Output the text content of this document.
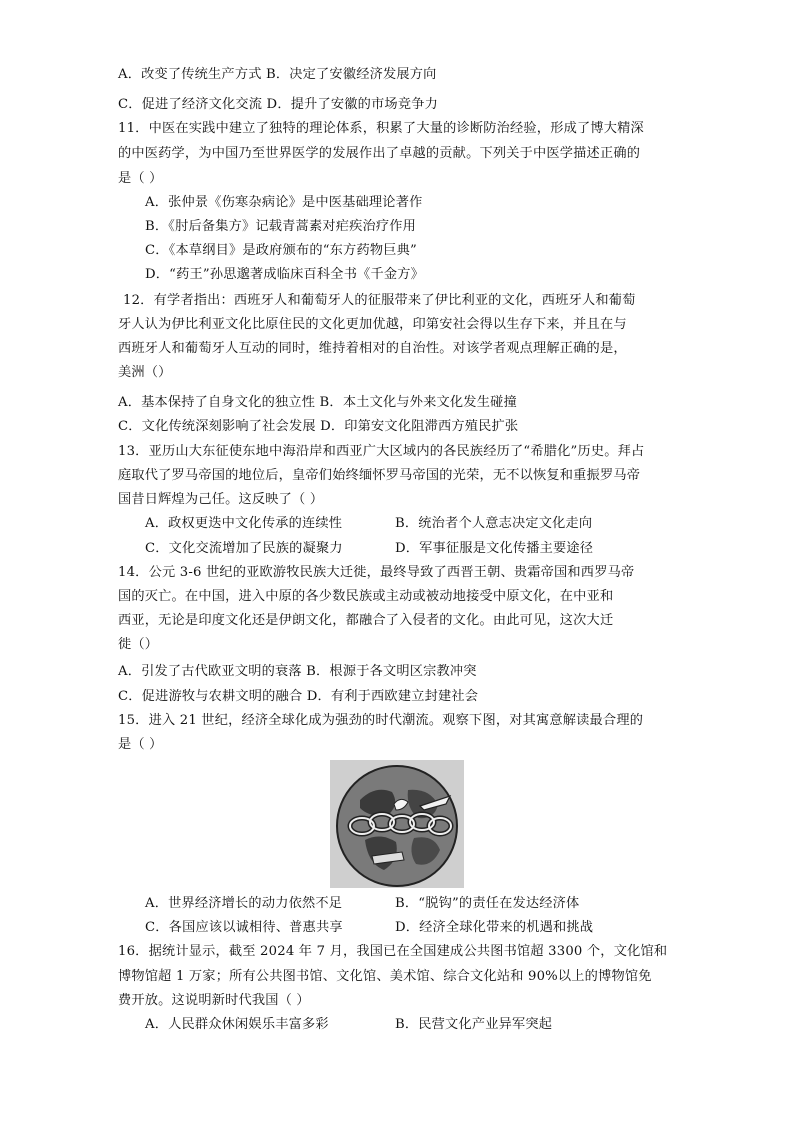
A．改变了传统生产方式 B．决定了安徽经济发展方向
C．促进了经济文化交流 D．提升了安徽的市场竞争力
11．中医在实践中建立了独特的理论体系，积累了大量的诊断防治经验，形成了博大精深
的中医药学，为中国乃至世界医学的发展作出了卓越的贡献。下列关于中医学描述正确的
是（ ）
A．张仲景《伤寒杂病论》是中医基础理论著作
B．《肘后备集方》记载青蒿素对疟疾治疗作用
C．《本草纲目》是政府颁布的“东方药物巨典”
D．“药王”孙思邈著成临床百科全书《千金方》
12．有学者指出：西班牙人和葡萄牙人的征服带来了伊比利亚的文化，西班牙人和葡萄
牙人认为伊比利亚文化比原住民的文化更加优越，印第安社会得以生存下来，并且在与
西班牙人和葡萄牙人互动的同时，维持着相对的自治性。对该学者观点理解正确的是，
美洲（）
A．基本保持了自身文化的独立性 B．本土文化与外来文化发生碰撞
C．文化传统深刻影响了社会发展 D．印第安文化阻滞西方殖民扩张
13．亚历山大东征使东地中海沿岸和西亚广大区域内的各民族经历了“希腊化”历史。拜占
庭取代了罗马帝国的地位后，皇帝们始终缅怀罗马帝国的光荣，无不以恢复和重振罗马帝
国昔日辉煌为己任。这反映了（ ）
A．政权更迭中文化传承的连续性	B．统治者个人意志决定文化走向
C．文化交流增加了民族的凝聚力	D．军事征服是文化传播主要途径
14．公元 3-6 世纪的亚欧游牧民族大迁徙，最终导致了西晋王朝、贵霜帝国和西罗马帝
国的灭亡。在中国，进入中原的各少数民族或主动或被动地接受中原文化，在中亚和
西亚，无论是印度文化还是伊朗文化，都融合了入侵者的文化。由此可见，这次大迁
徙（）
A．引发了古代欧亚文明的衰落 B．根源于各文明区宗教冲突
C．促进游牧与农耕文明的融合 D．有利于西欧建立封建社会
15．进入 21 世纪，经济全球化成为强劲的时代潮流。观察下图，对其寓意解读最合理的
是（ ）
A．世界经济增长的动力依然不足	B．“脱钩”的责任在发达经济体
C．各国应该以诚相待、普惠共享	D．经济全球化带来的机遇和挑战
16．据统计显示，截至 2024 年 7 月，我国已在全国建成公共图书馆超 3300 个，文化馆和
博物馆超 1 万家；所有公共图书馆、文化馆、美术馆、综合文化站和 90%以上的博物馆免
费开放。这说明新时代我国（ ）
A．人民群众休闲娱乐丰富多彩	B．民营文化产业异军突起
